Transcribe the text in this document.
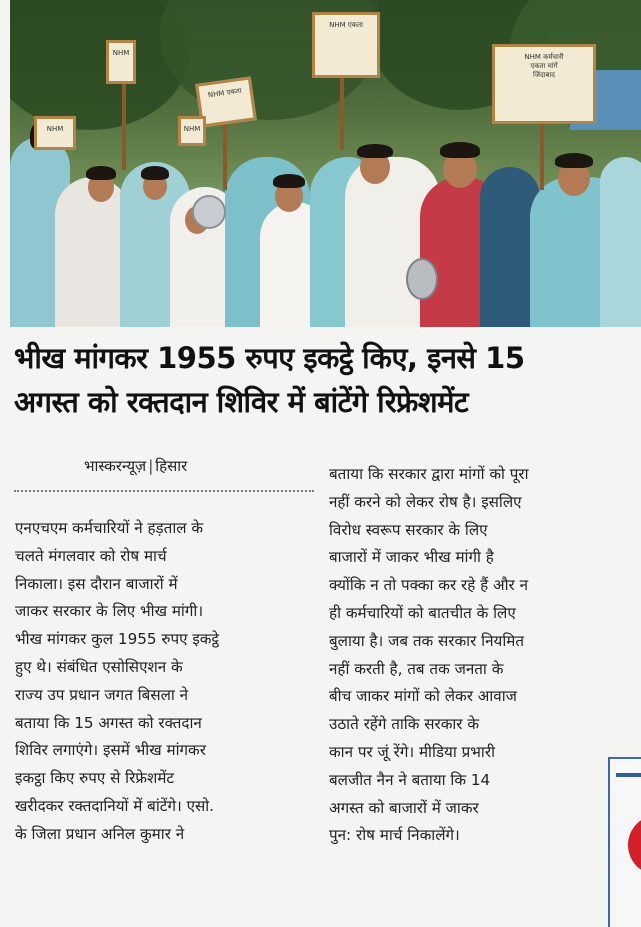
NHM
NHM एकता
NHM एकता
NHM	NHM
NHM कर्मचारी
एकता मांगें
जिंदाबाद
भीख मांगकर 1955 रुपए इकट्ठे किए, इनसे 15
अगस्त को रक्तदान शिविर में बांटेंगे रिफ्रेशमेंट
भास्करन्यूज़ | हिसार
एनएचएम कर्मचारियों ने हड़ताल के
चलते मंगलवार को रोष मार्च
निकाला। इस दौरान बाजारों में
जाकर सरकार के लिए भीख मांगी।
भीख मांगकर कुल 1955 रुपए इकट्ठे
हुए थे। संबंधित एसोसिएशन के
राज्य उप प्रधान जगत बिसला ने
बताया कि 15 अगस्त को रक्तदान
शिविर लगाएंगे। इसमें भीख मांगकर
इकट्ठा किए रुपए से रिफ्रेशमेंट
खरीदकर रक्तदानियों में बांटेंगे। एसो.
के जिला प्रधान अनिल कुमार ने
बताया कि सरकार द्वारा मांगों को पूरा
नहीं करने को लेकर रोष है। इसलिए
विरोध स्वरूप सरकार के लिए
बाजारों में जाकर भीख मांगी है
क्योंकि न तो पक्का कर रहे हैं और न
ही कर्मचारियों को बातचीत के लिए
बुलाया है। जब तक सरकार नियमित
नहीं करती है, तब तक जनता के
बीच जाकर मांगों को लेकर आवाज
उठाते रहेंगे ताकि सरकार के
कान पर जूं रेंगे। मीडिया प्रभारी
बलजीत नैन ने बताया कि 14
अगस्त को बाजारों में जाकर
पुन: रोष मार्च निकालेंगे।
